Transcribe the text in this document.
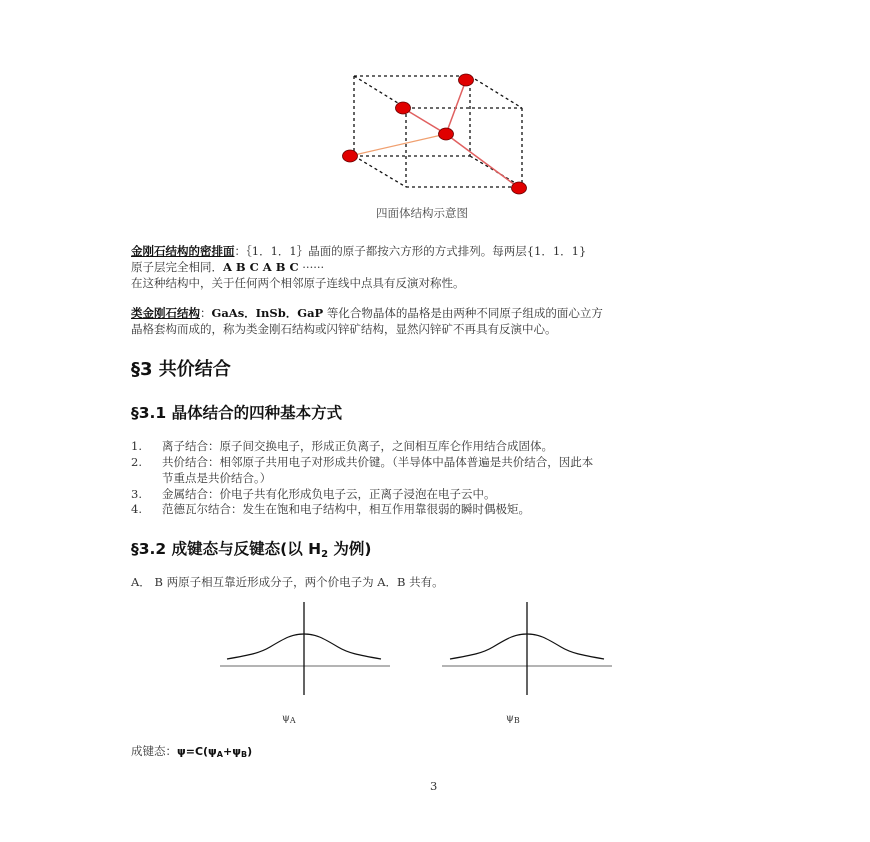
四面体结构示意图
金刚石结构的密排面：｛1．1．1｝晶面的原子都按六方形的方式排列。每两层{1．1．1}
原子层完全相同．A B C A B C ······
在这种结构中，关于任何两个相邻原子连线中点具有反演对称性。
类金刚石结构：GaAs．InSb．GaP 等化合物晶体的晶格是由两种不同原子组成的面心立方
晶格套构而成的，称为类金刚石结构或闪锌矿结构，显然闪锌矿不再具有反演中心。
§3 共价结合
§3.1 晶体结合的四种基本方式
1. 离子结合：原子间交换电子，形成正负离子，之间相互库仑作用结合成固体。
2. 共价结合：相邻原子共用电子对形成共价键。（半导体中晶体普遍是共价结合，因此本
节重点是共价结合。）
3. 金属结合：价电子共有化形成负电子云，正离子浸泡在电子云中。
4. 范德瓦尔结合：发生在饱和电子结构中，相互作用靠很弱的瞬时偶极矩。
§3.2 成键态与反键态(以 H2 为例)
A． B 两原子相互靠近形成分子，两个价电子为 A．B 共有。
$\psi_A$	$\psi_B$
成键态：$\psi=C(\psi_A+\psi_B)$
3
